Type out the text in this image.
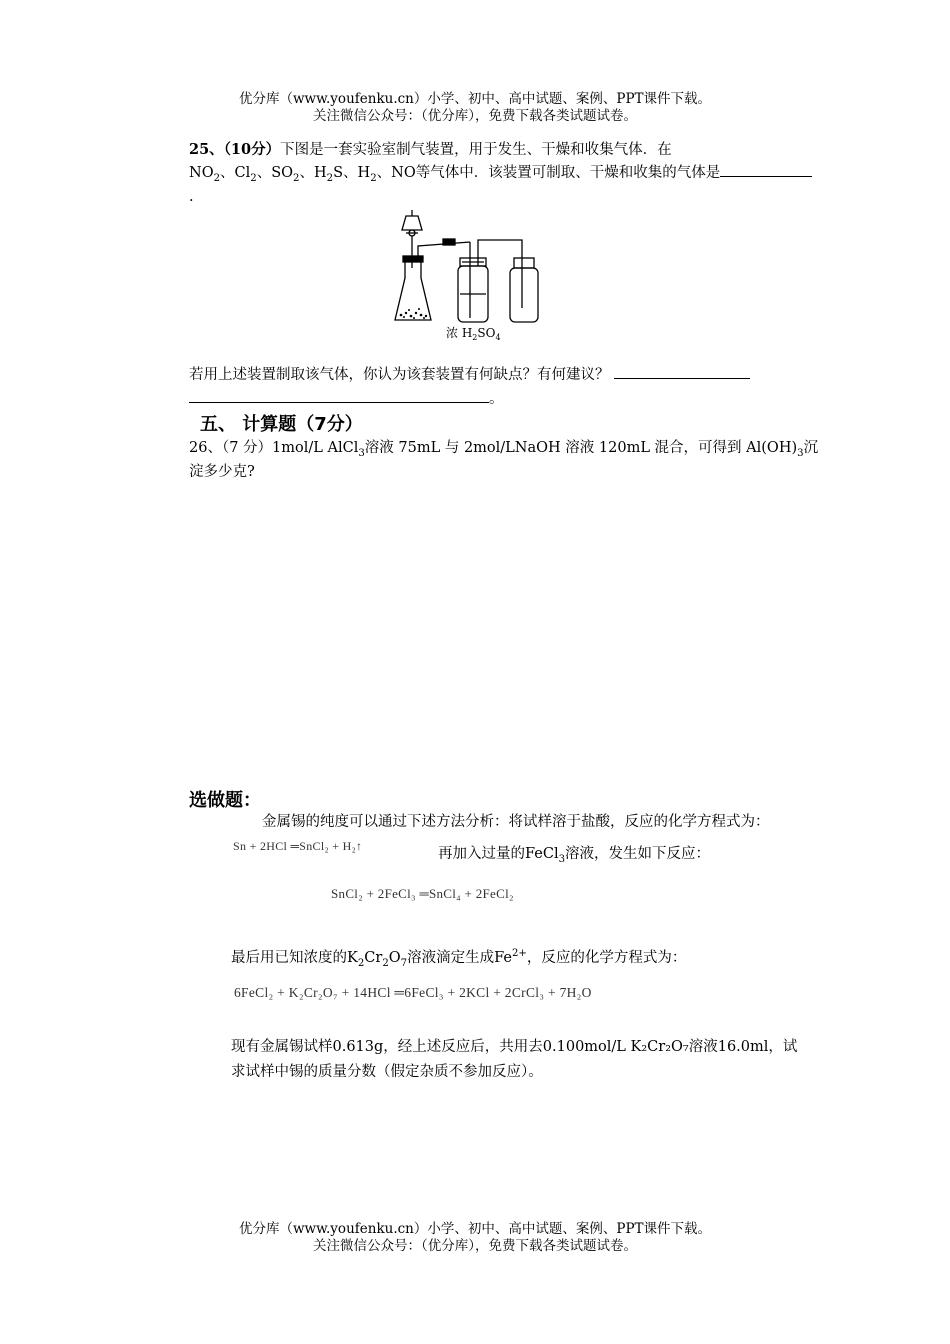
优分库（www.youfenku.cn）小学、初中、高中试题、案例、PPT课件下载。
关注微信公众号：（优分库），免费下载各类试题试卷。
25、（10分）下图是一套实验室制气装置，用于发生、干燥和收集气体．在
$NO_2$、$Cl_2$、$SO_2$、$H_2S$、$H_2$、NO等气体中．该装置可制取、干燥和收集的气体是
.
浓 $H_2SO_4$
若用上述装置制取该气体，你认为该套装置有何缺点？有何建议？
。
五、 计算题（7分）
26、（7 分）1mol/L AlCl$_3$溶液 75mL 与 2mol/LNaOH 溶液 120mL 混合，可得到 $Al(OH)_3$沉
淀多少克?
选做题：
金属锡的纯度可以通过下述方法分析：将试样溶于盐酸，反应的化学方程式为：
Sn + 2HCl ═SnCl₂ + H₂↑	再加入过量的FeCl$_3$溶液，发生如下反应：
SnCl₂ + 2FeCl₃ ═SnCl₄ + 2FeCl₂
最后用已知浓度的$K_2Cr_2O_7$溶液滴定生成$Fe^{2+}$，反应的化学方程式为：
6FeCl₂ + K₂Cr₂O₇ + 14HCl ═6FeCl₃ + 2KCl + 2CrCl₃ + 7H₂O
现有金属锡试样0.613g，经上述反应后，共用去0.100mol/L K₂Cr₂O₇溶液16.0ml，试
求试样中锡的质量分数（假定杂质不参加反应）。
优分库（www.youfenku.cn）小学、初中、高中试题、案例、PPT课件下载。
关注微信公众号：（优分库），免费下载各类试题试卷。
